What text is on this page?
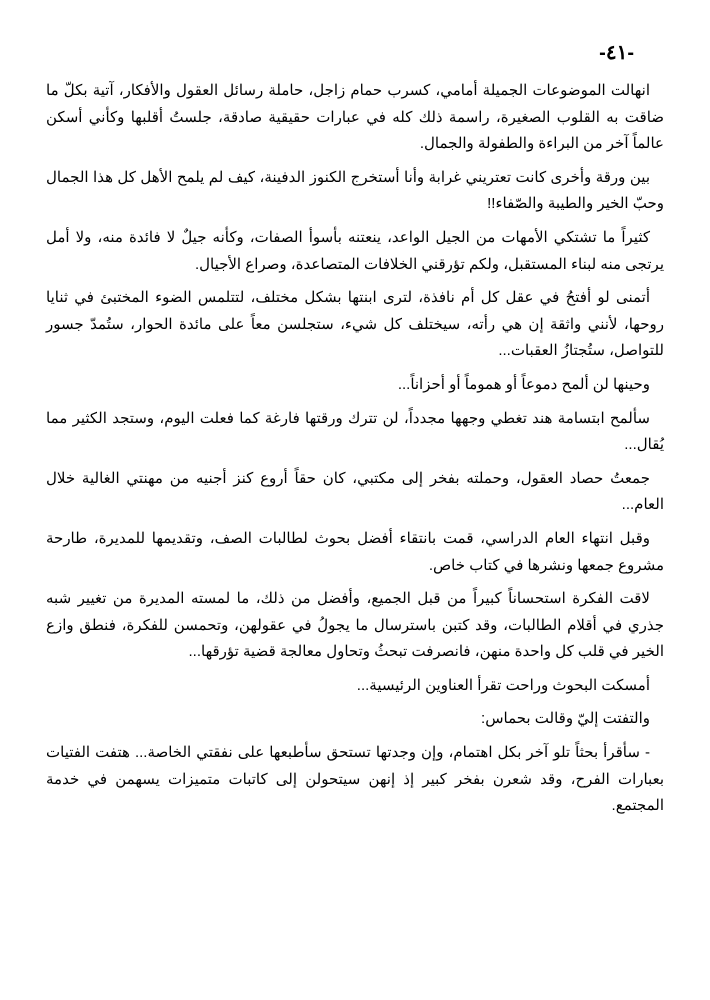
-٤١-

انهالت الموضوعات الجميلة أمامي، كسرب حمام زاجل، حاملة رسائل العقول والأفكار، آتية بكلّ ما ضاقت به القلوب الصغيرة، راسمة ذلك كله في عبارات حقيقية صادقة، جلستُ أقلبها وكأني أسكن عالماً آخر من البراءة والطفولة والجمال.

بين ورقة وأخرى كانت تعتريني غرابة وأنا أستخرج الكنوز الدفينة، كيف لم يلمح الأهل كل هذا الجمال وحبّ الخير والطيبة والصّفاء!!

كثيراً ما تشتكي الأمهات من الجيل الواعد، ينعتنه بأسوأ الصفات، وكأنه جيلٌ لا فائدة منه، ولا أمل يرتجى منه لبناء المستقبل، ولكم تؤرقني الخلافات المتصاعدة، وصراع الأجيال.

أتمنى لو أفتحُ في عقل كل أم نافذة، لترى ابنتها بشكل مختلف، لتتلمس الضوء المختبئ في ثنايا روحها، لأنني واثقة إن هي رأته، سيختلف كل شيء، ستجلسن معاً على مائدة الحوار، ستُمدّ جسور للتواصل، ستُجتازُ العقبات...

وحينها لن ألمح دموعاً أو هموماً أو أحزاناً...

سألمح ابتسامة هند تغطي وجهها مجدداً، لن تترك ورقتها فارغة كما فعلت اليوم، وستجد الكثير مما يُقال...

جمعتُ حصاد العقول، وحملته بفخر إلى مكتبي، كان حقاً أروع كنز أجنيه من مهنتي الغالية خلال العام...

وقبل انتهاء العام الدراسي، قمت بانتقاء أفضل بحوث لطالبات الصف، وتقديمها للمديرة، طارحة مشروع جمعها ونشرها في كتاب خاص.

لاقت الفكرة استحساناً كبيراً من قبل الجميع، وأفضل من ذلك، ما لمسته المديرة من تغيير شبه جذري في أقلام الطالبات، وقد كتبن باسترسال ما يجولُ في عقولهن، وتحمسن للفكرة، فنطق وازع الخير في قلب كل واحدة منهن، فانصرفت تبحثُ وتحاول معالجة قضية تؤرقها...

أمسكت البحوث وراحت تقرأ العناوين الرئيسية...

والتفتت إليّ وقالت بحماس:

- سأقرأ بحثاً تلو آخر بكل اهتمام، وإن وجدتها تستحق سأطبعها على نفقتي الخاصة... هتفت الفتيات بعبارات الفرح، وقد شعرن بفخر كبير إذ إنهن سيتحولن إلى كاتبات متميزات يسهمن في خدمة المجتمع.
